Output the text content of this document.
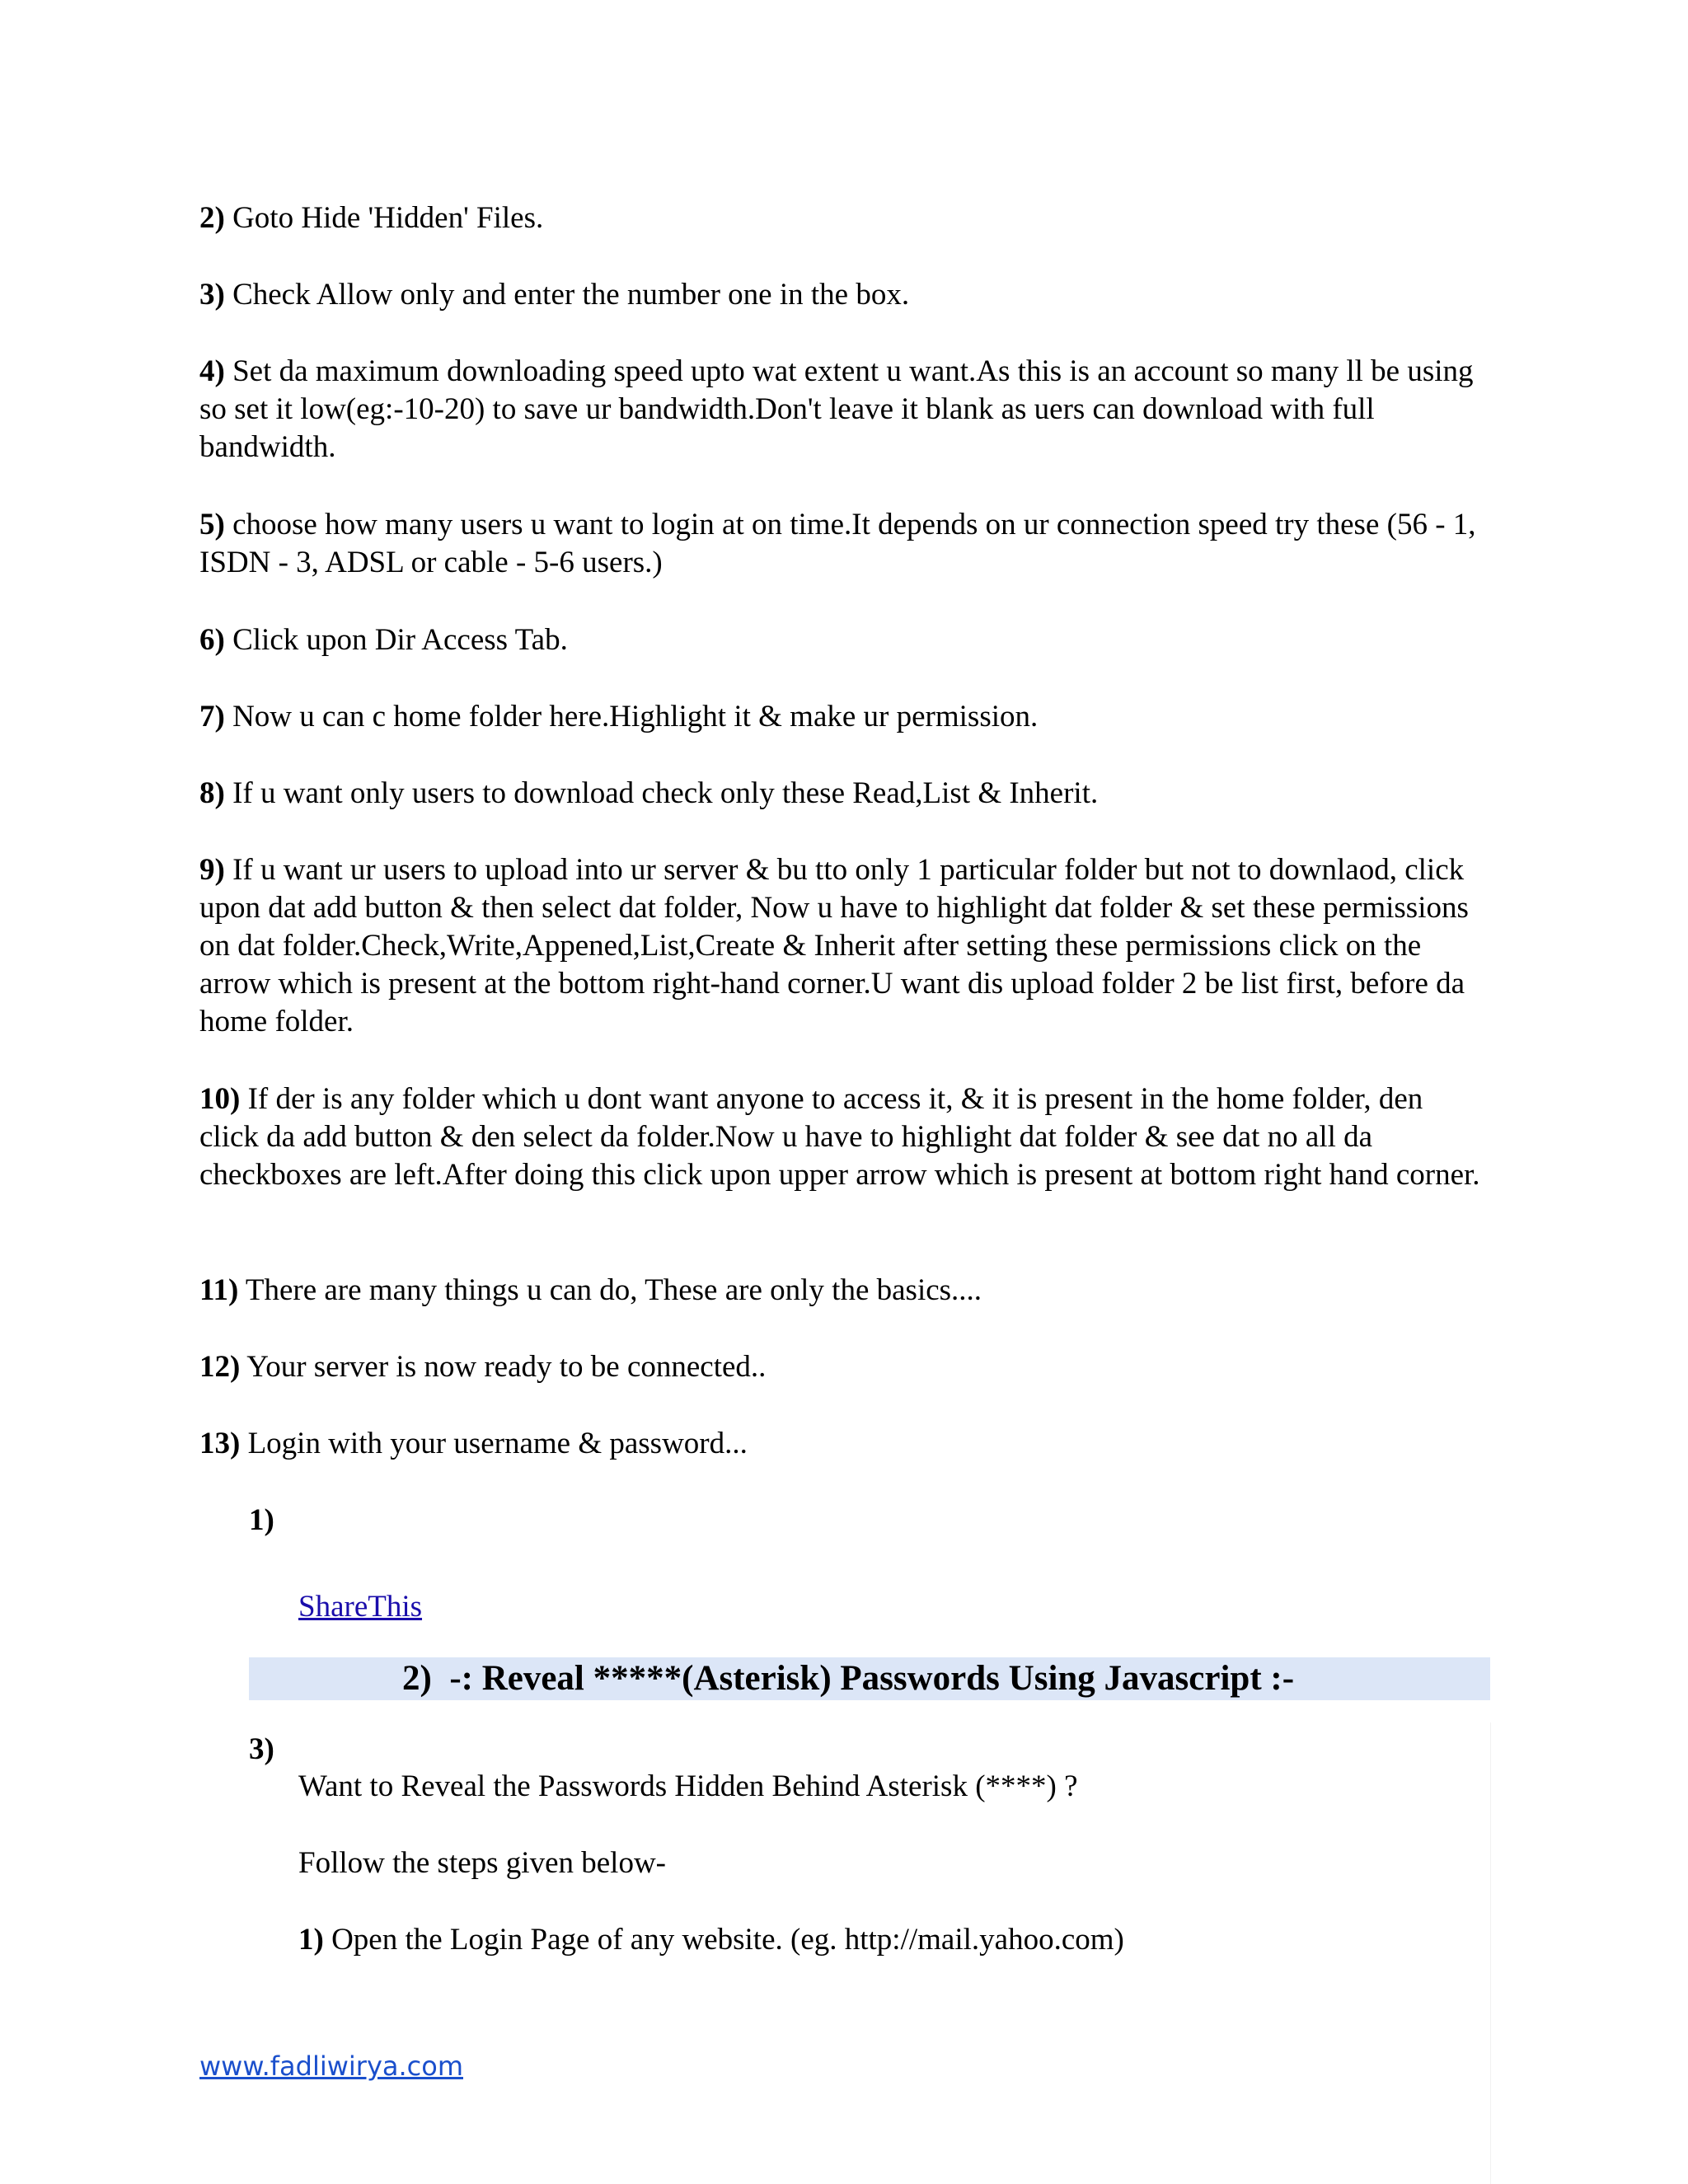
2) Goto Hide 'Hidden' Files.

3) Check Allow only and enter the number one in the box.

4) Set da maximum downloading speed upto wat extent u want.As this is an account so many ll be using so set it low(eg:-10-20) to save ur bandwidth.Don't leave it blank as uers can download with full bandwidth.

5) choose how many users u want to login at on time.It depends on ur connection speed try these (56 - 1, ISDN - 3, ADSL or cable - 5-6 users.)

6) Click upon Dir Access Tab.

7) Now u can c home folder here.Highlight it & make ur permission.

8) If u want only users to download check only these Read,List & Inherit.

9) If u want ur users to upload into ur server & bu tto only 1 particular folder but not to downlaod, click upon dat add button & then select dat folder, Now u have to highlight dat folder & set these permissions on dat folder.Check,Write,Appened,List,Create & Inherit after setting these permissions click on the arrow which is present at the bottom right-hand corner.U want dis upload folder 2 be list first, before da home folder.

10) If der is any folder which u dont want anyone to access it, & it is present in the home folder, den click da add button & den select da folder.Now u have to highlight dat folder & see dat no all da checkboxes are left.After doing this click upon upper arrow which is present at bottom right hand corner.

11) There are many things u can do, These are only the basics....

12) Your server is now ready to be connected..

13) Login with your username & password...

1)

ShareThis
2)  -: Reveal *****(Asterisk) Passwords Using Javascript :-

3)

Want to Reveal the Passwords Hidden Behind Asterisk (****) ?

Follow the steps given below-

1) Open the Login Page of any website. (eg. http://mail.yahoo.com)

www.fadliwirya.com
